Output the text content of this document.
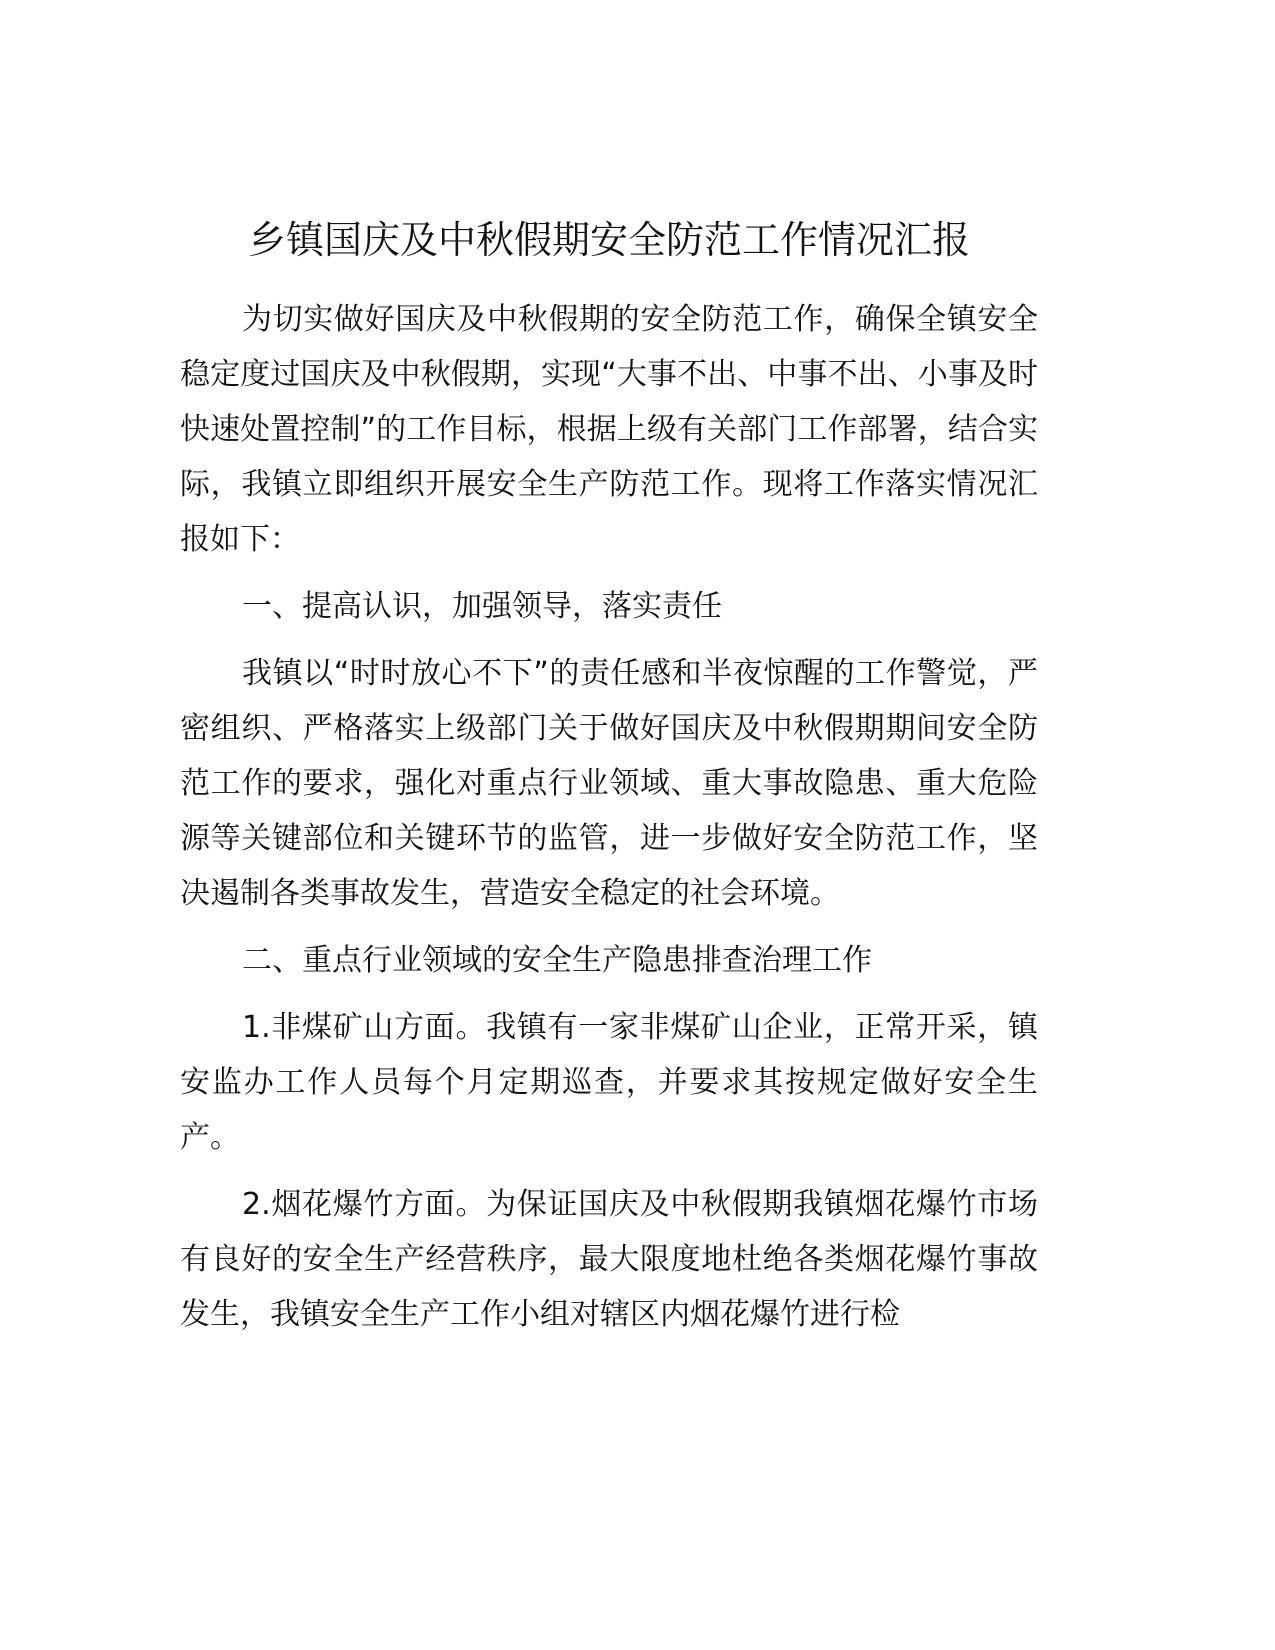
乡镇国庆及中秋假期安全防范工作情况汇报

为切实做好国庆及中秋假期的安全防范工作，确保全镇安全稳定度过国庆及中秋假期，实现“大事不出、中事不出、小事及时快速处置控制”的工作目标，根据上级有关部门工作部署，结合实际，我镇立即组织开展安全生产防范工作。现将工作落实情况汇报如下：

一、提高认识，加强领导，落实责任

我镇以“时时放心不下”的责任感和半夜惊醒的工作警觉，严密组织、严格落实上级部门关于做好国庆及中秋假期期间安全防范工作的要求，强化对重点行业领域、重大事故隐患、重大危险源等关键部位和关键环节的监管，进一步做好安全防范工作，坚决遏制各类事故发生，营造安全稳定的社会环境。

二、重点行业领域的安全生产隐患排查治理工作

1.非煤矿山方面。我镇有一家非煤矿山企业，正常开采，镇安监办工作人员每个月定期巡查，并要求其按规定做好安全生产。

2.烟花爆竹方面。为保证国庆及中秋假期我镇烟花爆竹市场有良好的安全生产经营秩序，最大限度地杜绝各类烟花爆竹事故发生，我镇安全生产工作小组对辖区内烟花爆竹进行检
